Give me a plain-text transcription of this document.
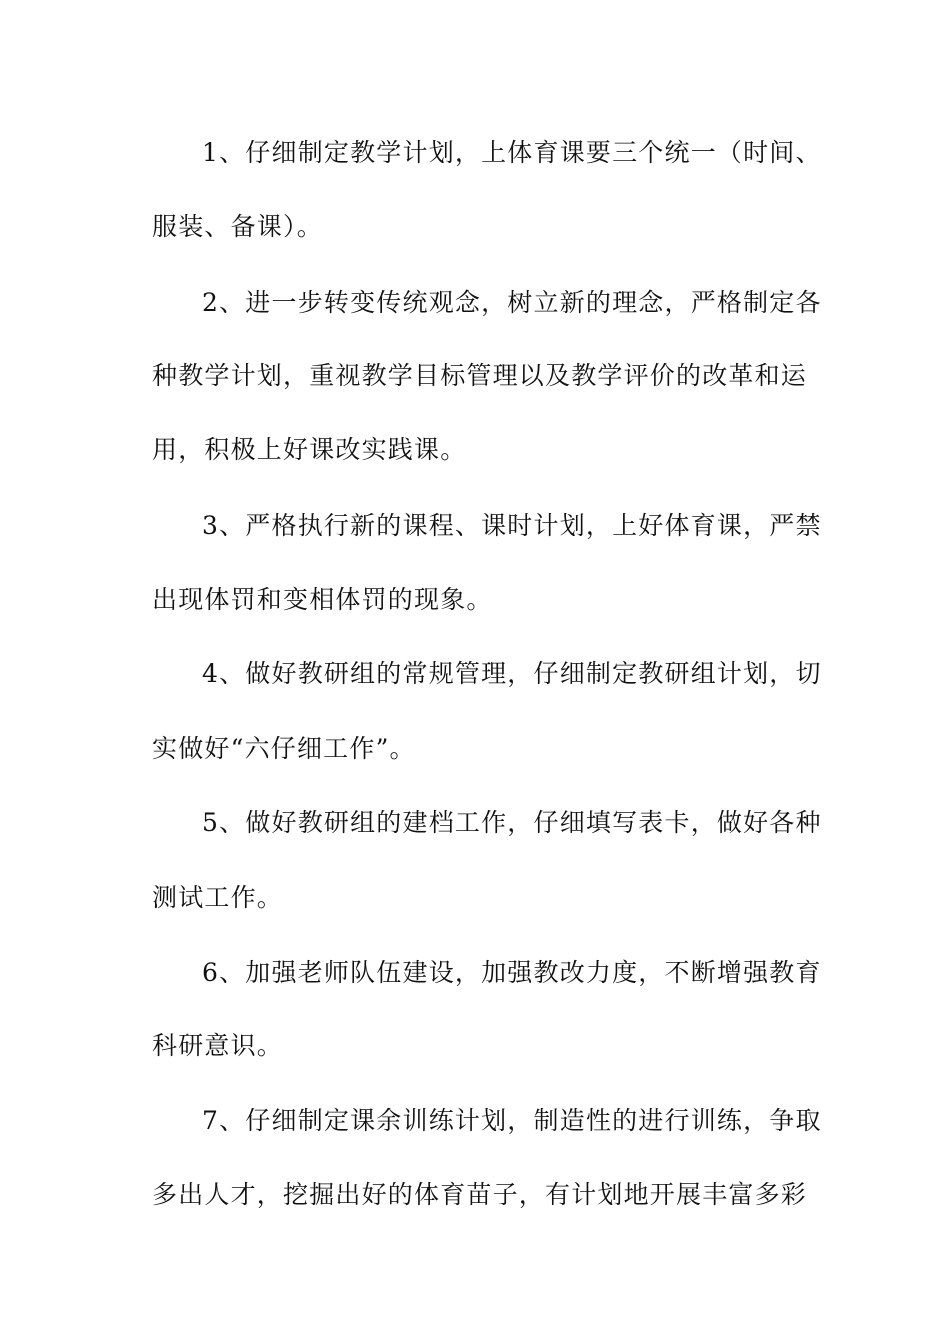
1、仔细制定教学计划，上体育课要三个统一（时间、
服装、备课）。
2、进一步转变传统观念，树立新的理念，严格制定各
种教学计划，重视教学目标管理以及教学评价的改革和运
用，积极上好课改实践课。
3、严格执行新的课程、课时计划，上好体育课，严禁
出现体罚和变相体罚的现象。
4、做好教研组的常规管理，仔细制定教研组计划，切
实做好“六仔细工作”。
5、做好教研组的建档工作，仔细填写表卡，做好各种
测试工作。
6、加强老师队伍建设，加强教改力度，不断增强教育
科研意识。
7、仔细制定课余训练计划，制造性的进行训练，争取
多出人才，挖掘出好的体育苗子，有计划地开展丰富多彩
